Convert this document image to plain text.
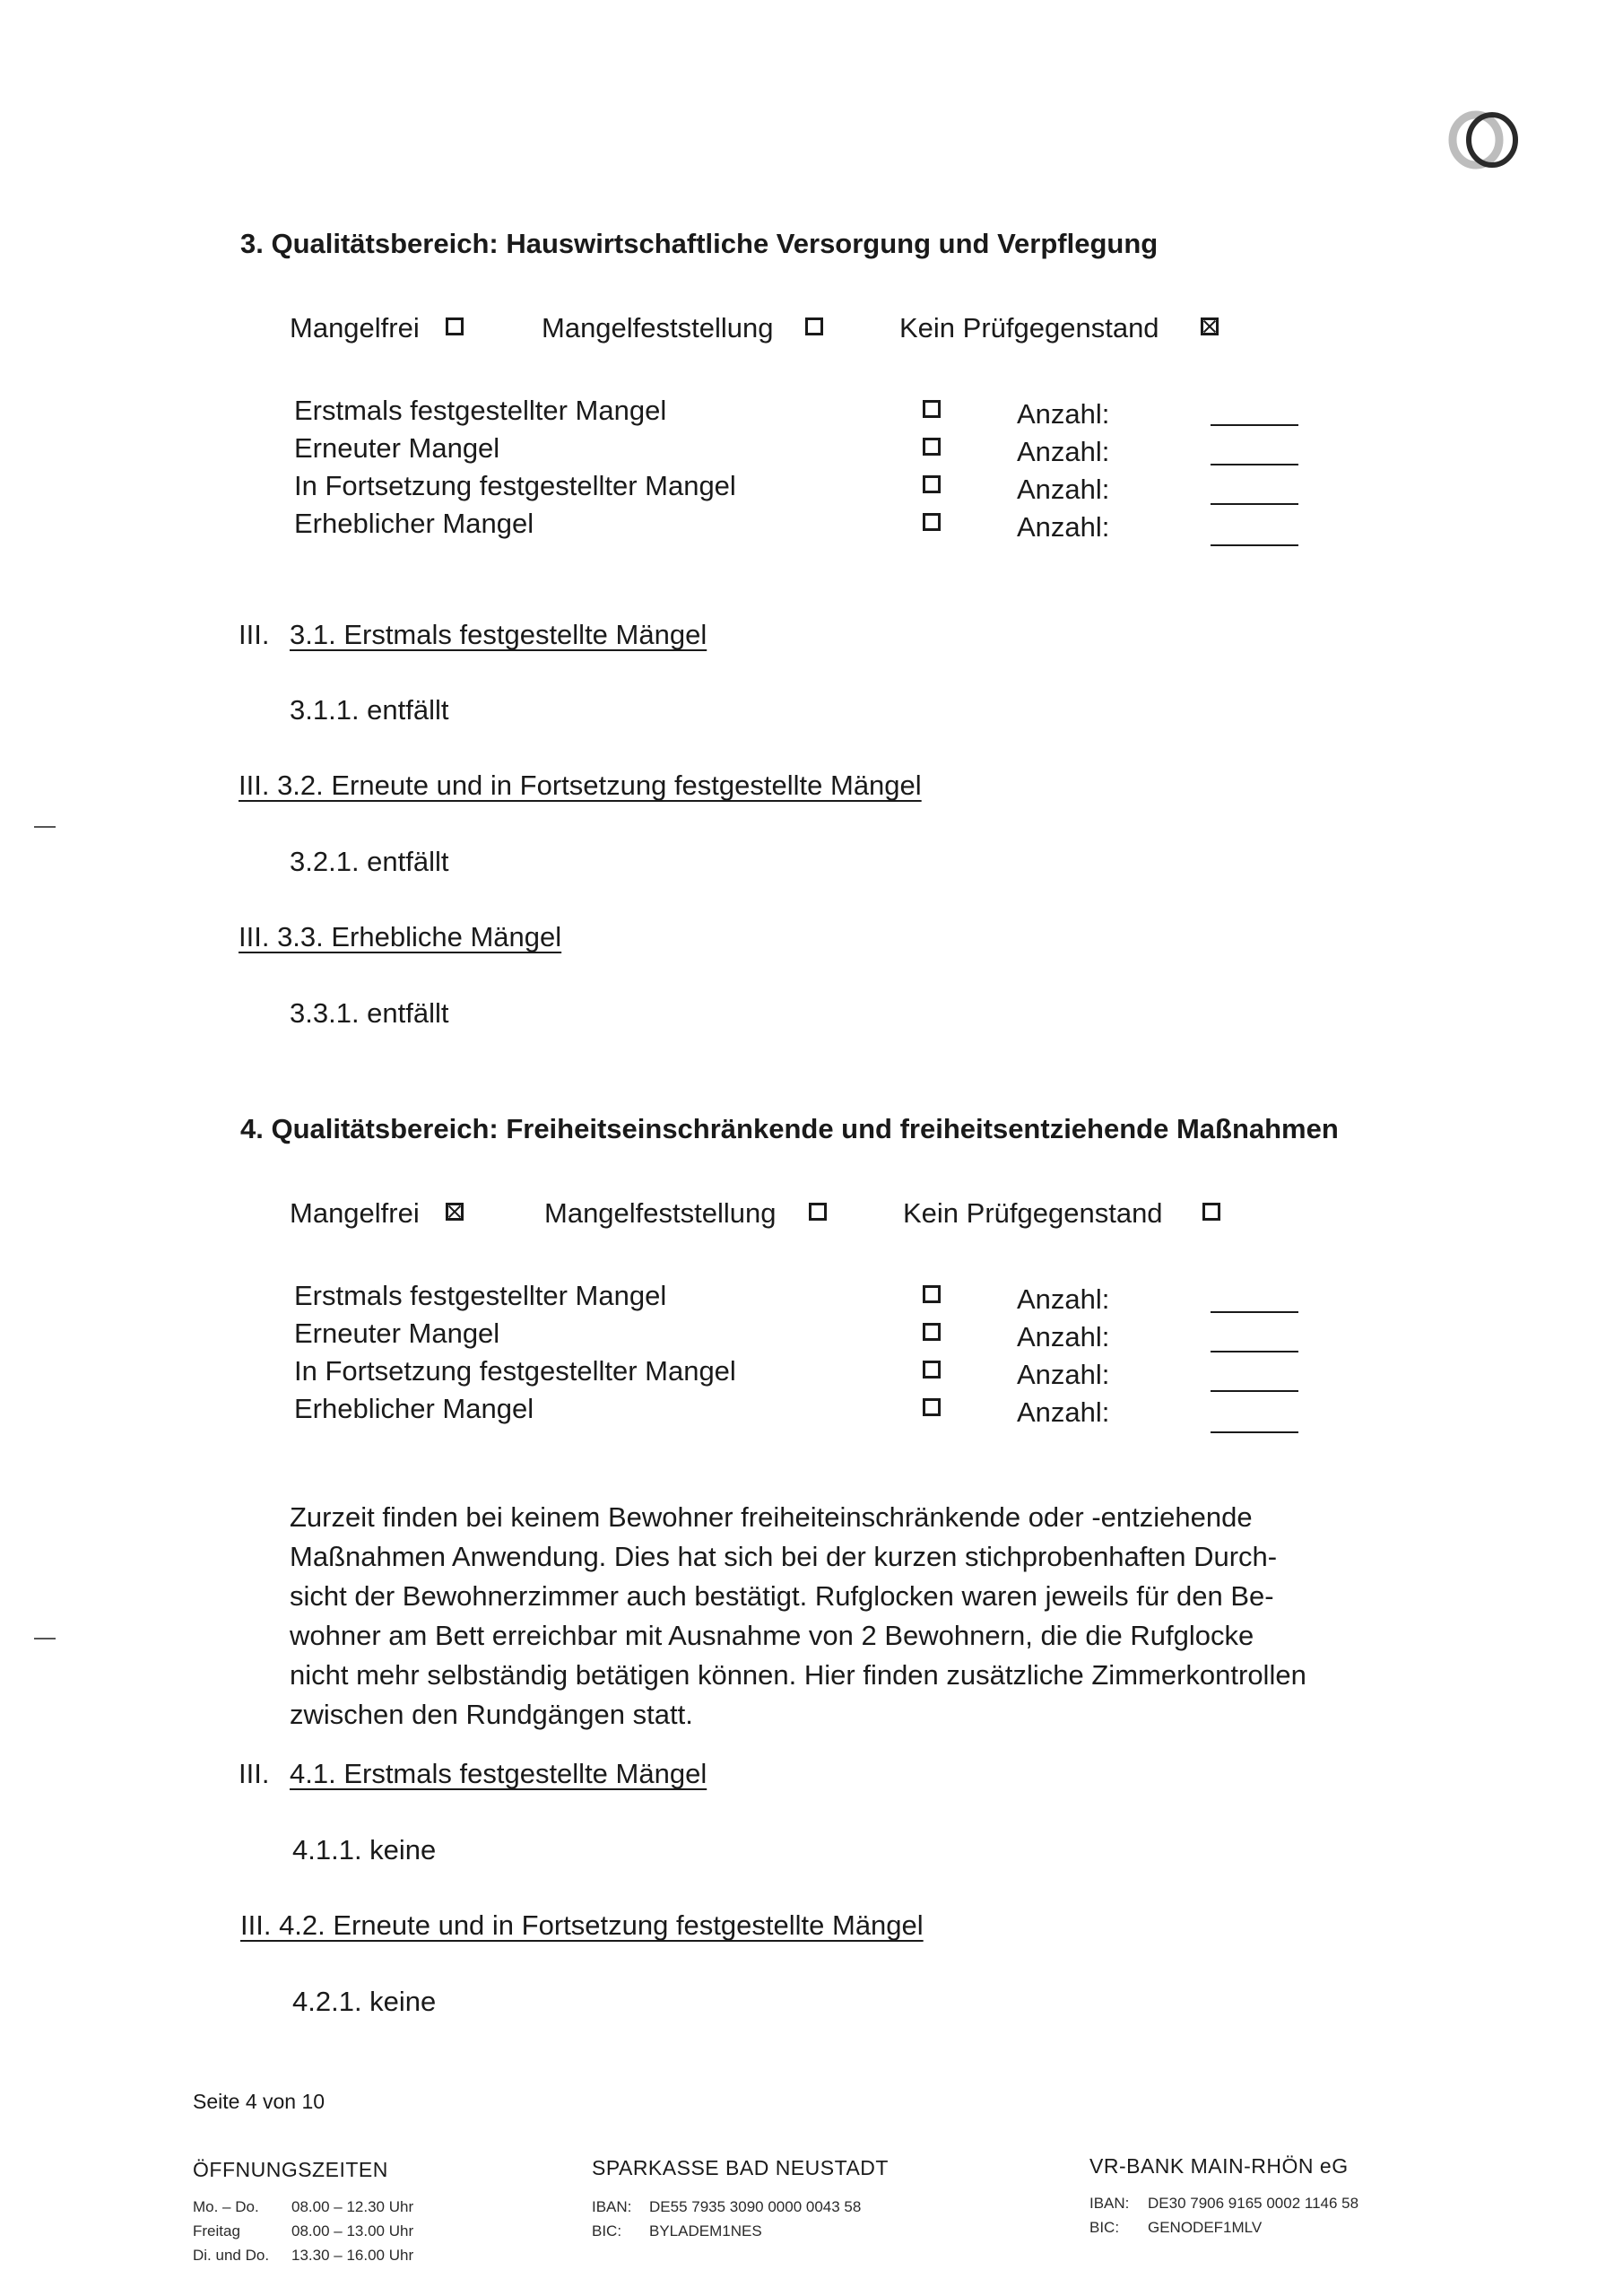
3. Qualitätsbereich: Hauswirtschaftliche Versorgung und Verpflegung
Mangelfrei	Mangelfeststellung	Kein Prüfgegenstand
Erstmals festgestellter Mangel	Anzahl:
Erneuter Mangel	Anzahl:
In Fortsetzung festgestellter Mangel	Anzahl:
Erheblicher Mangel	Anzahl:
III. 3.1. Erstmals festgestellte Mängel
3.1.1. entfällt
III. 3.2. Erneute und in Fortsetzung festgestellte Mängel
3.2.1. entfällt
III. 3.3. Erhebliche Mängel
3.3.1. entfällt
4. Qualitätsbereich: Freiheitseinschränkende und freiheitsentziehende Maßnahmen
Mangelfrei	Mangelfeststellung	Kein Prüfgegenstand
Erstmals festgestellter Mangel	Anzahl:
Erneuter Mangel	Anzahl:
In Fortsetzung festgestellter Mangel	Anzahl:
Erheblicher Mangel	Anzahl:
Zurzeit finden bei keinem Bewohner freiheiteinschränkende oder -entziehende
Maßnahmen Anwendung. Dies hat sich bei der kurzen stichprobenhaften Durch-
sicht der Bewohnerzimmer auch bestätigt. Rufglocken waren jeweils für den Be-
wohner am Bett erreichbar mit Ausnahme von 2 Bewohnern, die die Rufglocke
nicht mehr selbständig betätigen können. Hier finden zusätzliche Zimmerkontrollen
zwischen den Rundgängen statt.
III. 4.1. Erstmals festgestellte Mängel
4.1.1. keine
III. 4.2. Erneute und in Fortsetzung festgestellte Mängel
4.2.1. keine
Seite 4 von 10
ÖFFNUNGSZEITEN
Mo. – Do. 08.00 – 12.30 Uhr
Freitag	08.00 – 13.00 Uhr
Di. und Do. 13.30 – 16.00 Uhr
SPARKASSE BAD NEUSTADT
IBAN: DE55 7935 3090 0000 0043 58
BIC: BYLADEM1NES
VR-BANK MAIN-RHÖN eG
IBAN: DE30 7906 9165 0002 1146 58
BIC: GENODEF1MLV
